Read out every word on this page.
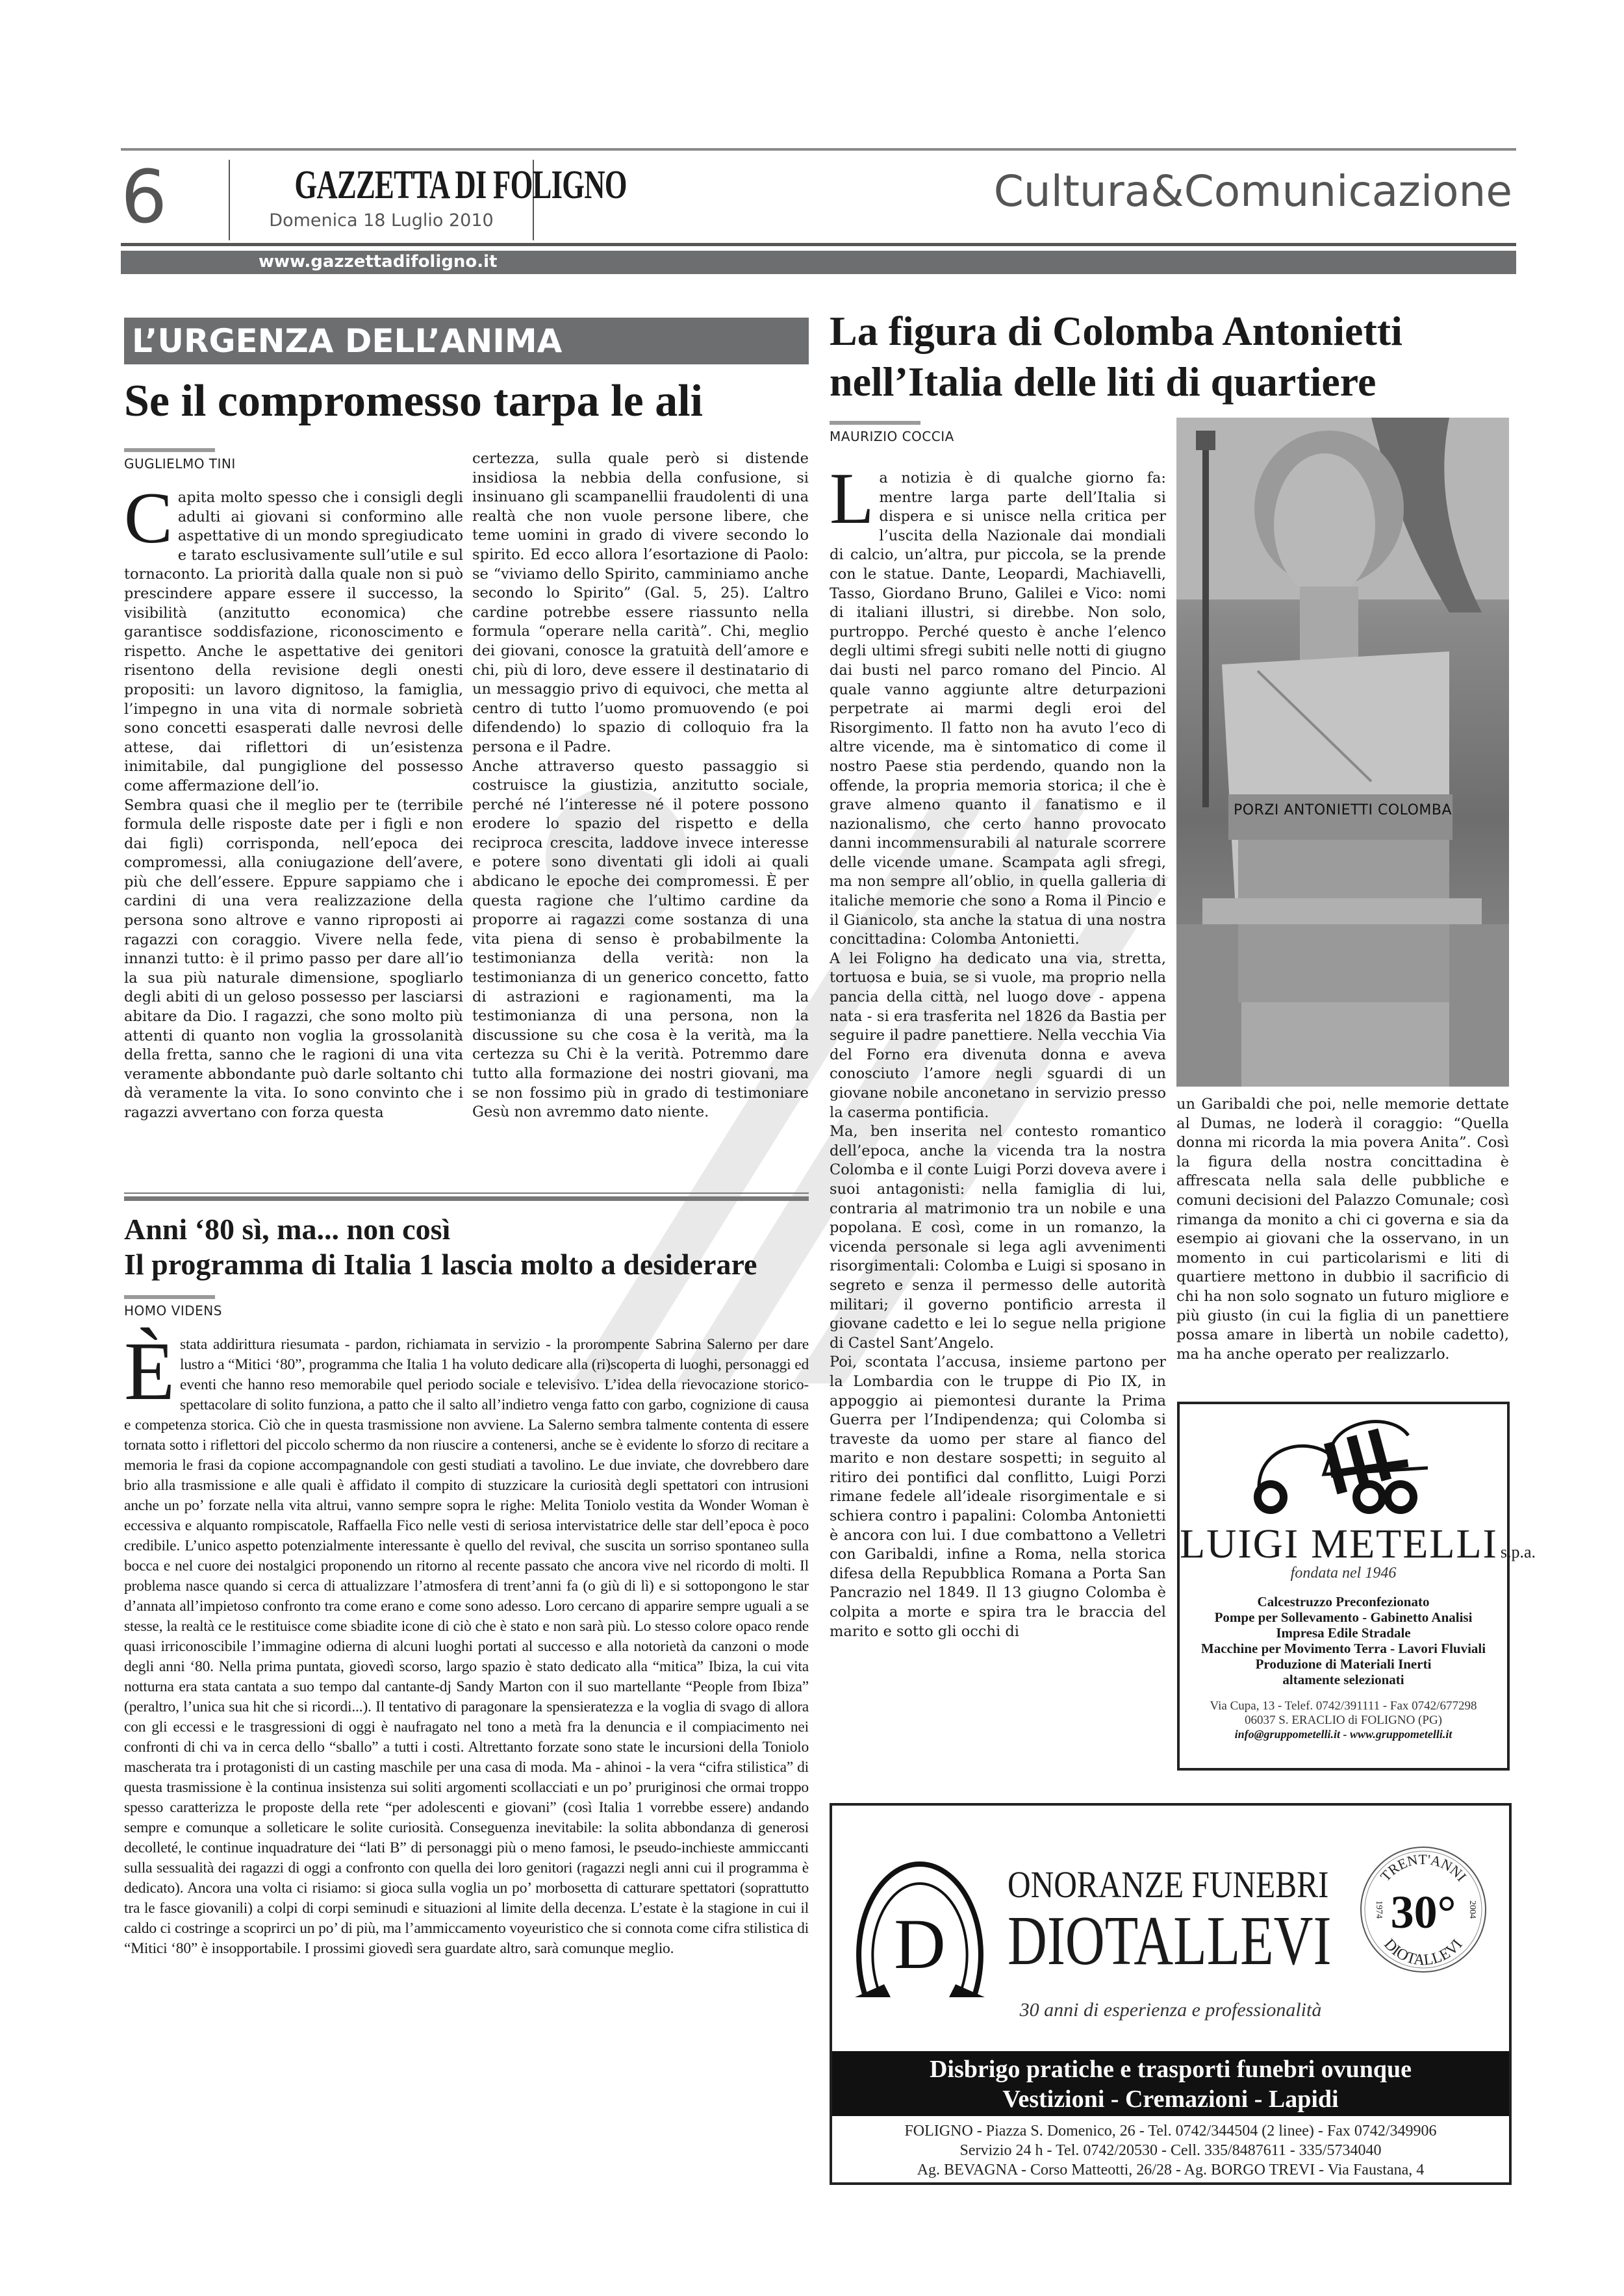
6	GAZZETTA DI FOLIGNO
Domenica 18 Luglio 2010
Cultura&Comunicazione
www.gazzettadifoligno.it
L’URGENZA DELL’ANIMA
Se il compromesso tarpa le ali
GUGLIELMO TINI

Capita molto spesso che i consigli degli adulti ai giovani si conformino alle aspettative di un mondo spregiudicato e tarato esclusivamente sull’utile e sul tornaconto. La priorità dalla quale non si può prescindere appare essere il successo, la visibilità (anzitutto economica) che garantisce soddisfazione, riconoscimento e rispetto. Anche le aspettative dei genitori risentono della revisione degli onesti propositi: un lavoro dignitoso, la famiglia, l’impegno in una vita di normale sobrietà sono concetti esasperati dalle nevrosi delle attese, dai riflettori di un’esistenza inimitabile, dal pungiglione del possesso come affermazione dell’io.

Sembra quasi che il meglio per te (terribile formula delle risposte date per i figli e non dai figli) corrisponda, nell’epoca dei compromessi, alla coniugazione dell’avere, più che dell’essere. Eppure sappiamo che i cardini di una vera realizzazione della persona sono altrove e vanno riproposti ai ragazzi con coraggio. Vivere nella fede, innanzi tutto: è il primo passo per dare all’io la sua più naturale dimensione, spogliarlo degli abiti di un geloso possesso per lasciarsi abitare da Dio. I ragazzi, che sono molto più attenti di quanto non voglia la grossolanità della fretta, sanno che le ragioni di una vita veramente abbondante può darle soltanto chi dà veramente la vita. Io sono convinto che i ragazzi avvertano con forza questa

certezza, sulla quale però si distende insidiosa la nebbia della confusione, si insinuano gli scampanellii fraudolenti di una realtà che non vuole persone libere, che teme uomini in grado di vivere secondo lo spirito. Ed ecco allora l’esortazione di Paolo: se “viviamo dello Spirito, camminiamo anche secondo lo Spirito” (Gal. 5, 25). L’altro cardine potrebbe essere riassunto nella formula “operare nella carità”. Chi, meglio dei giovani, conosce la gratuità dell’amore e chi, più di loro, deve essere il destinatario di un messaggio privo di equivoci, che metta al centro di tutto l’uomo promuovendo (e poi difendendo) lo spazio di colloquio fra la persona e il Padre.

Anche attraverso questo passaggio si costruisce la giustizia, anzitutto sociale, perché né l’interesse né il potere possono erodere lo spazio del rispetto e della reciproca crescita, laddove invece interesse e potere sono diventati gli idoli ai quali abdicano le epoche dei compromessi. È per questa ragione che l’ultimo cardine da proporre ai ragazzi come sostanza di una vita piena di senso è probabilmente la testimonianza della verità: non la testimonianza di un generico concetto, fatto di astrazioni e ragionamenti, ma la testimonianza di una persona, non la discussione su che cosa è la verità, ma la certezza su Chi è la verità. Potremmo dare tutto alla formazione dei nostri giovani, ma se non fossimo più in grado di testimoniare Gesù non avremmo dato niente.

Anni ‘80 sì, ma... non così
Il programma di Italia 1 lascia molto a desiderare
HOMO VIDENS
Èstata addirittura riesumata - pardon, richiamata in servizio - la prorompente Sabrina Salerno per dare lustro a “Mitici ‘80”, programma che Italia 1 ha voluto dedicare alla (ri)scoperta di luoghi, personaggi ed eventi che hanno reso memorabile quel periodo sociale e televisivo. L’idea della rievocazione storico-spettacolare di solito funziona, a patto che il salto all’indietro venga fatto con garbo, cognizione di causa e competenza storica. Ciò che in questa trasmissione non avviene. La Salerno sembra talmente contenta di essere tornata sotto i riflettori del piccolo schermo da non riuscire a contenersi, anche se è evidente lo sforzo di recitare a memoria le frasi da copione accompagnandole con gesti studiati a tavolino. Le due inviate, che dovrebbero dare brio alla trasmissione e alle quali è affidato il compito di stuzzicare la curiosità degli spettatori con intrusioni anche un po’ forzate nella vita altrui, vanno sempre sopra le righe: Melita Toniolo vestita da Wonder Woman è eccessiva e alquanto rompiscatole, Raffaella Fico nelle vesti di seriosa intervistatrice delle star dell’epoca è poco credibile. L’unico aspetto potenzialmente interessante è quello del revival, che suscita un sorriso spontaneo sulla bocca e nel cuore dei nostalgici proponendo un ritorno al recente passato che ancora vive nel ricordo di molti. Il problema nasce quando si cerca di attualizzare l’atmosfera di trent’anni fa (o giù di lì) e si sottopongono le star d’annata all’impietoso confronto tra come erano e come sono adesso. Loro cercano di apparire sempre uguali a se stesse, la realtà ce le restituisce come sbiadite icone di ciò che è stato e non sarà più. Lo stesso colore opaco rende quasi irriconoscibile l’immagine odierna di alcuni luoghi portati al successo e alla notorietà da canzoni o mode degli anni ‘80. Nella prima puntata, giovedì scorso, largo spazio è stato dedicato alla “mitica” Ibiza, la cui vita notturna era stata cantata a suo tempo dal cantante-dj Sandy Marton con il suo martellante “People from Ibiza” (peraltro, l’unica sua hit che si ricordi...). Il tentativo di paragonare la spensieratezza e la voglia di svago di allora con gli eccessi e le trasgressioni di oggi è naufragato nel tono a metà fra la denuncia e il compiacimento nei confronti di chi va in cerca dello “sballo” a tutti i costi. Altrettanto forzate sono state le incursioni della Toniolo mascherata tra i protagonisti di un casting maschile per una casa di moda. Ma - ahinoi - la vera “cifra stilistica” di questa trasmissione è la continua insistenza sui soliti argomenti scollacciati e un po’ pruriginosi che ormai troppo spesso caratterizza le proposte della rete “per adolescenti e giovani” (così Italia 1 vorrebbe essere) andando sempre e comunque a solleticare le solite curiosità. Conseguenza inevitabile: la solita abbondanza di generosi decolleté, le continue inquadrature dei “lati B” di personaggi più o meno famosi, le pseudo-inchieste ammiccanti sulla sessualità dei ragazzi di oggi a confronto con quella dei loro genitori (ragazzi negli anni cui il programma è dedicato). Ancora una volta ci risiamo: si gioca sulla voglia un po’ morbosetta di catturare spettatori (soprattutto tra le fasce giovanili) a colpi di corpi seminudi e situazioni al limite della decenza. L’estate è la stagione in cui il caldo ci costringe a scoprirci un po’ di più, ma l’ammiccamento voyeuristico che si connota come cifra stilistica di “Mitici ‘80” è insopportabile. I prossimi giovedì sera guardate altro, sarà comunque meglio.
La figura di Colomba Antonietti
nell’Italia delle liti di quartiere
MAURIZIO COCCIA
PORZI ANTONIETTI COLOMBA

La notizia è di qualche giorno fa: mentre larga parte dell’Italia si dispera e si unisce nella critica per l’uscita della Nazionale dai mondiali di calcio, un’altra, pur piccola, se la prende con le statue. Dante, Leopardi, Machiavelli, Tasso, Giordano Bruno, Galilei e Vico: nomi di italiani illustri, si direbbe. Non solo, purtroppo. Perché questo è anche l’elenco degli ultimi sfregi subiti nelle notti di giugno dai busti nel parco romano del Pincio. Al quale vanno aggiunte altre deturpazioni perpetrate ai marmi degli eroi del Risorgimento. Il fatto non ha avuto l’eco di altre vicende, ma è sintomatico di come il nostro Paese stia perdendo, quando non la offende, la propria memoria storica; il che è grave almeno quanto il fanatismo e il nazionalismo, che certo hanno provocato danni incommensurabili al naturale scorrere delle vicende umane. Scampata agli sfregi, ma non sempre all’oblio, in quella galleria di italiche memorie che sono a Roma il Pincio e il Gianicolo, sta anche la statua di una nostra concittadina: Colomba Antonietti.

A lei Foligno ha dedicato una via, stretta, tortuosa e buia, se si vuole, ma proprio nella pancia della città, nel luogo dove - appena nata - si era trasferita nel 1826 da Bastia per seguire il padre panettiere. Nella vecchia Via del Forno era divenuta donna e aveva conosciuto l’amore negli sguardi di un giovane nobile anconetano in servizio presso la caserma pontificia.

Ma, ben inserita nel contesto romantico dell’epoca, anche la vicenda tra la nostra Colomba e il conte Luigi Porzi doveva avere i suoi antagonisti: nella famiglia di lui, contraria al matrimonio tra un nobile e una popolana. E così, come in un romanzo, la vicenda personale si lega agli avvenimenti risorgimentali: Colomba e Luigi si sposano in segreto e senza il permesso delle autorità militari; il governo pontificio arresta il giovane cadetto e lei lo segue nella prigione di Castel Sant’Angelo.

Poi, scontata l’accusa, insieme partono per la Lombardia con le truppe di Pio IX, in appoggio ai piemontesi durante la Prima Guerra per l’Indipendenza; qui Colomba si traveste da uomo per stare al fianco del marito e non destare sospetti; in seguito al ritiro dei pontifici dal conflitto, Luigi Porzi rimane fedele all’ideale risorgimentale e si schiera contro i papalini: Colomba Antonietti è ancora con lui. I due combattono a Velletri con Garibaldi, infine a Roma, nella storica difesa della Repubblica Romana a Porta San Pancrazio nel 1849. Il 13 giugno Colomba è colpita a morte e spira tra le braccia del marito e sotto gli occhi di

un Garibaldi che poi, nelle memorie dettate al Dumas, ne loderà il coraggio: “Quella donna mi ricorda la mia povera Anita”. Così la figura della nostra concittadina è affrescata nella sala delle pubbliche e comuni decisioni del Palazzo Comunale; così rimanga da monito a chi ci governa e sia da esempio ai giovani che la osservano, in un momento in cui particolarismi e liti di quartiere mettono in dubbio il sacrificio di chi ha non solo sognato un futuro migliore e più giusto (in cui la figlia di un panettiere possa amare in libertà un nobile cadetto), ma ha anche operato per realizzarlo.

LUIGI METELLI s.p.a.
fondata nel 1946
Calcestruzzo Preconfezionato
Pompe per Sollevamento - Gabinetto Analisi
Impresa Edile Stradale
Macchine per Movimento Terra - Lavori Fluviali
Produzione di Materiali Inerti
altamente selezionati
Via Cupa, 13 - Telef. 0742/391111 - Fax 0742/677298
06037 S. ERACLIO di FOLIGNO (PG)
info@gruppometelli.it - www.gruppometelli.it
D
ONORANZE FUNEBRI
DIOTALLEVI
TRENT'ANNI
DIOTALLEVI
30°
1974	2004
30 anni di esperienza e professionalità
Disbrigo pratiche e trasporti funebri ovunque
Vestizioni - Cremazioni - Lapidi
FOLIGNO - Piazza S. Domenico, 26 - Tel. 0742/344504 (2 linee) - Fax 0742/349906
Servizio 24 h - Tel. 0742/20530 - Cell. 335/8487611 - 335/5734040
Ag. BEVAGNA - Corso Matteotti, 26/28 - Ag. BORGO TREVI - Via Faustana, 4
